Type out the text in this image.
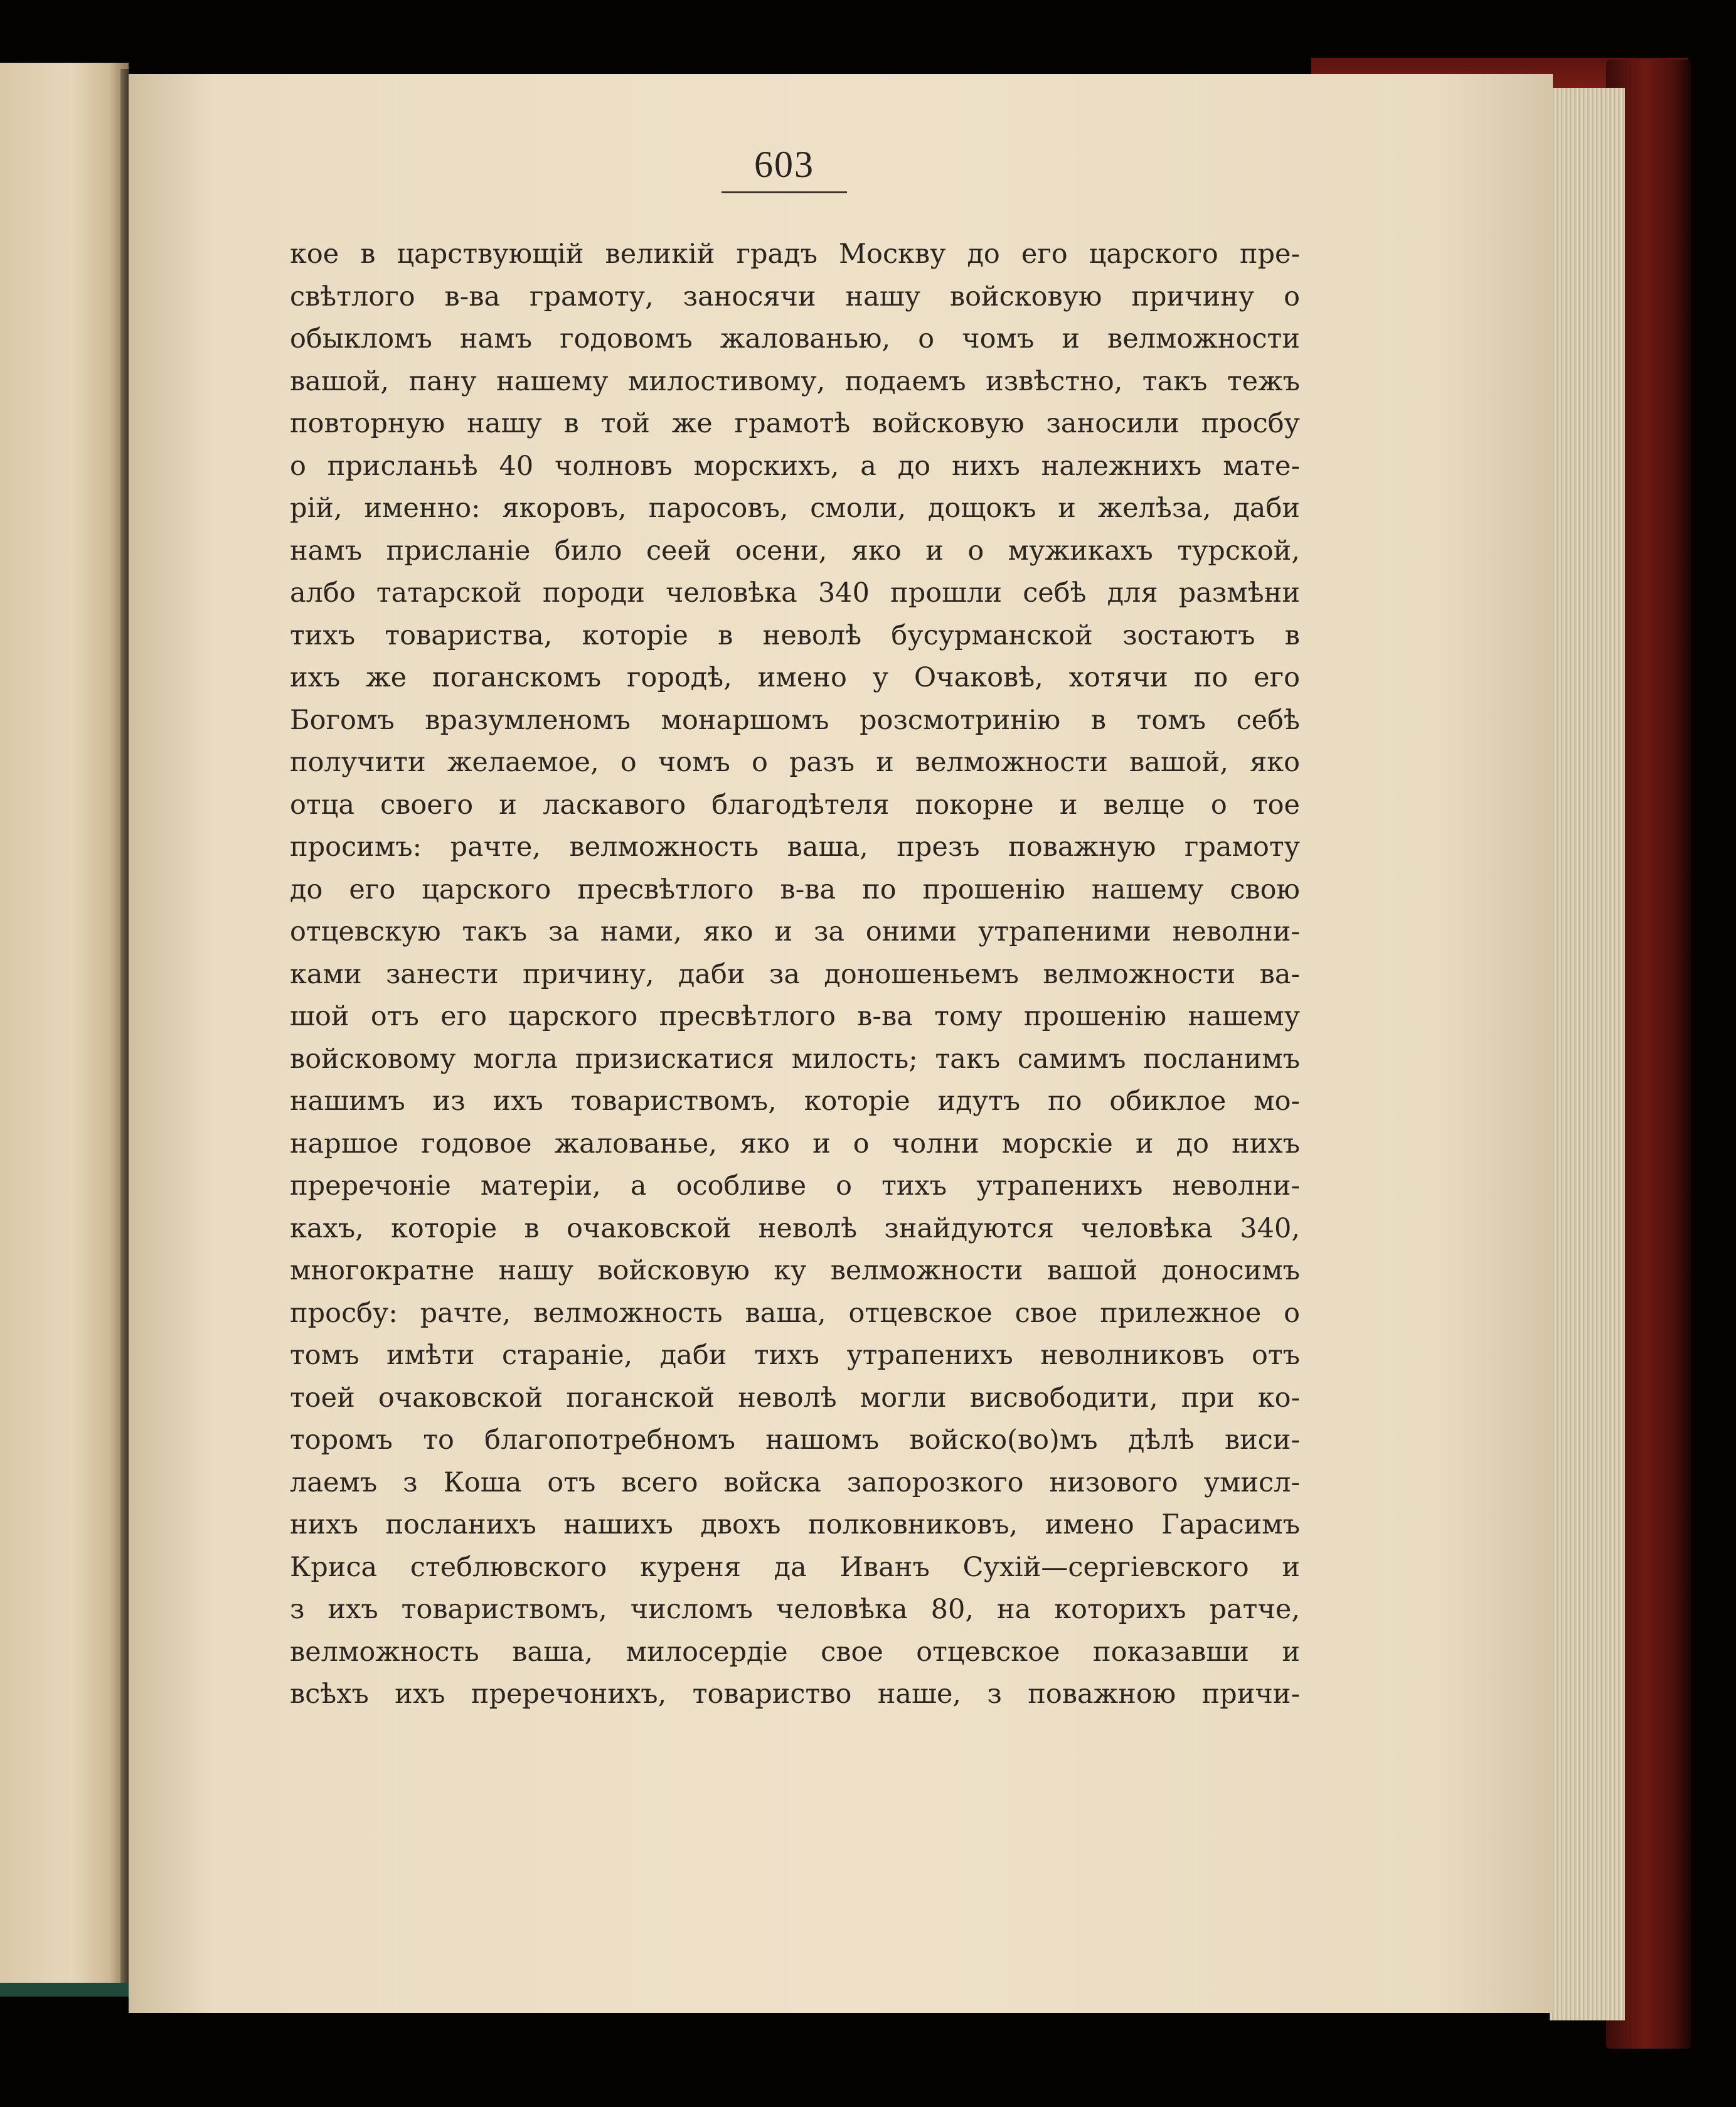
603
кое в царствующій великій градъ Москву до его царского пре-
свѣтлого в-ва грамоту, заносячи нашу войсковую причину о
обыкломъ намъ годовомъ жалованью, о чомъ и велможности
вашой, пану нашему милостивому, подаемъ извѣстно, такъ тежъ
повторную нашу в той же грамотѣ войсковую заносили просбу
о присланьѣ 40 чолновъ морскихъ, а до нихъ належнихъ мате-
рій, именно: якоровъ, паросовъ, смоли, дощокъ и желѣза, даби
намъ присланіе било сеей осени, яко и о мужикахъ турской,
албо татарской породи человѣка 340 прошли себѣ для размѣни
тихъ товариства, которіе в неволѣ бусурманской зостаютъ в
ихъ же поганскомъ городѣ, имено у Очаковѣ, хотячи по его
Богомъ вразумленомъ монаршомъ розсмотринію в томъ себѣ
получити желаемое, о чомъ о разъ и велможности вашой, яко
отца своего и ласкавого благодѣтеля покорне и велце о тое
просимъ: рачте, велможность ваша, презъ поважную грамоту
до его царского пресвѣтлого в-ва по прошенію нашему свою
отцевскую такъ за нами, яко и за оними утрапеними неволни-
ками занести причину, даби за доношеньемъ велможности ва-
шой отъ его царского пресвѣтлого в-ва тому прошенію нашему
войсковому могла призискатися милость; такъ самимъ посланимъ
нашимъ из ихъ товариствомъ, которіе идутъ по обиклое мо-
наршое годовое жалованье, яко и о чолни морскіе и до нихъ
преречоніе матеріи, а особливе о тихъ утрапенихъ неволни-
кахъ, которіе в очаковской неволѣ знайдуются человѣка 340,
многократне нашу войсковую ку велможности вашой доносимъ
просбу: рачте, велможность ваша, отцевское свое прилежное о
томъ имѣти стараніе, даби тихъ утрапенихъ неволниковъ отъ
тоей очаковской поганской неволѣ могли висвободити, при ко-
торомъ то благопотребномъ нашомъ войско(во)мъ дѣлѣ виси-
лаемъ з Коша отъ всего войска запорозкого низового умисл-
нихъ посланихъ нашихъ двохъ полковниковъ, имено Гарасимъ
Криса стеблювского куреня да Иванъ Сухій—сергіевского и
з ихъ товариствомъ, числомъ человѣка 80, на которихъ ратче,
велможность ваша, милосердіе свое отцевское показавши и
всѣхъ ихъ преречонихъ, товариство наше, з поважною причи-
